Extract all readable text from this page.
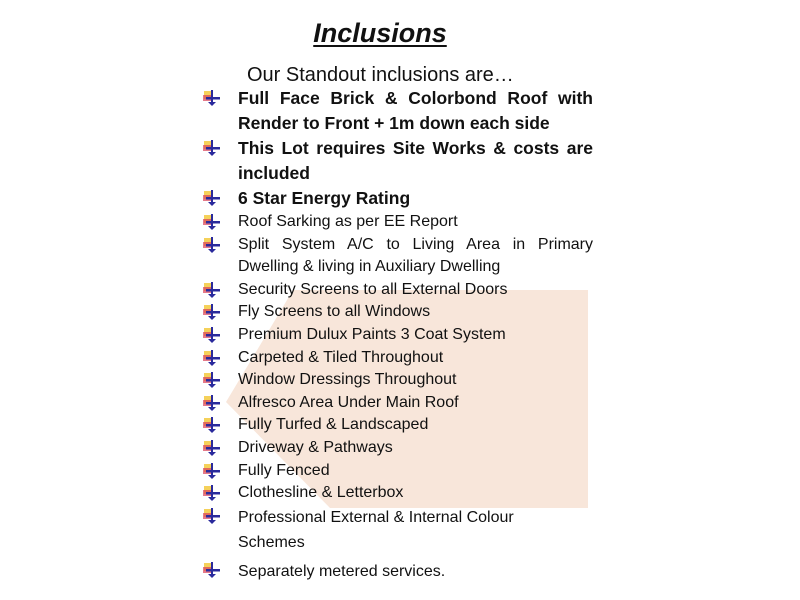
Inclusions
Our Standout inclusions are…
Full Face Brick & Colorbond Roof with Render to Front + 1m down each side
This Lot requires Site Works & costs are included
6 Star Energy Rating
Roof Sarking as per EE Report
Split System A/C to Living Area in Primary Dwelling & living in Auxiliary Dwelling
Security Screens to all External Doors
Fly Screens to all Windows
Premium Dulux Paints 3 Coat System
Carpeted & Tiled Throughout
Window Dressings Throughout
Alfresco Area Under Main Roof
Fully Turfed & Landscaped
Driveway & Pathways
Fully Fenced
Clothesline & Letterbox
Professional External & Internal Colour Schemes
Separately metered services.
